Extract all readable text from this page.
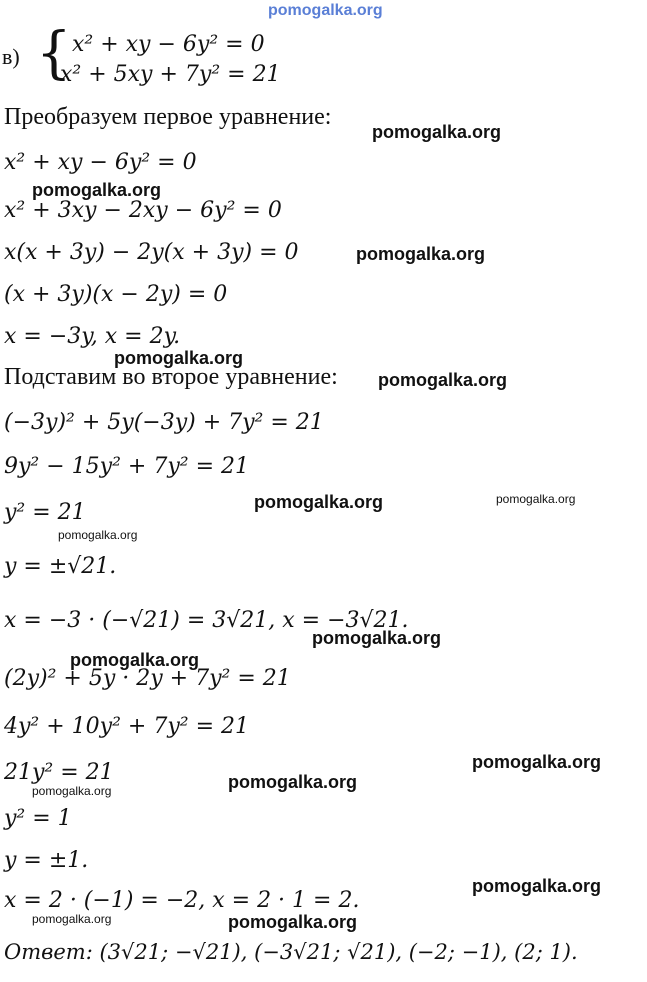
pomogalka.org
в) { x² + xy − 6y² = 0
x² + 5xy + 7y² = 21
Преобразуем первое уравнение:
pomogalka.org
x² + xy − 6y² = 0
pomogalka.org
x² + 3xy − 2xy − 6y² = 0
x(x + 3y) − 2y(x + 3y) = 0	pomogalka.org
(x + 3y)(x − 2y) = 0
x = −3y, x = 2y.
pomogalka.org
Подставим во второе уравнение: pomogalka.org
(−3y)² + 5y(−3y) + 7y² = 21
9y² − 15y² + 7y² = 21
y² = 21	pomogalka.org	pomogalka.org
pomogalka.org
y = ±√21.
x = −3 · (−√21) = 3√21, x = −3√21.
pomogalka.org
pomogalka.org
(2y)² + 5y · 2y + 7y² = 21
4y² + 10y² + 7y² = 21
21y² = 21	pomogalka.org
pomogalka.org
pomogalka.org
y² = 1
y = ±1.
x = 2 · (−1) = −2, x = 2 · 1 = 2.
pomogalka.org
pomogalka.org	pomogalka.org
Ответ: (3√21; −√21), (−3√21; √21), (−2; −1), (2; 1).
